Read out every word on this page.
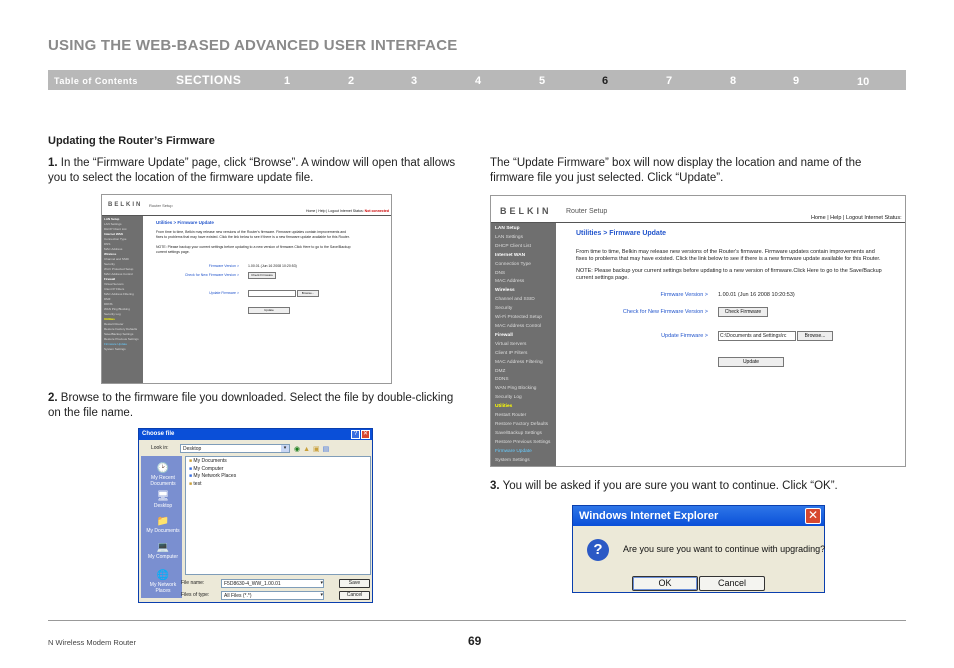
USING THE WEB-BASED ADVANCED USER INTERFACE
Table of Contents	SECTIONS	1	2	3	4	5	6	7	8	9	10
Updating the Router’s Firmware
1. In the “Firmware Update” page, click “Browse”. A window will open that allows you to select the location of the firmware update file.
2. Browse to the firmware file you downloaded. Select the file by double-clicking on the file name.
The “Update Firmware” box will now display the location and name of the firmware file you just selected. Click “Update”.
3. You will be asked if you are sure you want to continue. Click “OK”.
BELKIN Router Setup
Home | Help | Logout Internet Status: Not connected
LAN Setup
LAN Settings
DHCP Client List
Internet WAN
Connection Type
DNS
MAC Address
Wireless
Channel and SSID
Security
Wi-Fi Protected Setup
MAC Address Control
Firewall
Virtual Servers
Client IP Filters
MAC Address Filtering
DMZ
DDNS
WAN Ping Blocking
Security Log
Utilities
Restart Router
Restore Factory Defaults
Save/Backup Settings
Restore Previous Settings
Firmware Update
System Settings
Utilities > Firmware Update
From time to time, Belkin may release new versions of the Router's firmware. Firmware updates contain improvements and fixes to problems that may have existed. Click the link below to see if there is a new firmware update available for this Router.
NOTE: Please backup your current settings before updating to a new version of firmware.Click Here to go to the Save/Backup current settings page.
Firmware Version >	1.00.01 (Jun 16 2008 10:20:53)
Check for New Firmware Version >	Check Firmware
Update Firmware >	Browse...
Update
BELKIN Router Setup
Home | Help | Logout Internet Status:
LAN Setup
LAN Settings
DHCP Client List
Internet WAN
Connection Type
DNS
MAC Address
Wireless
Channel and SSID
Security
Wi-Fi Protected Setup
MAC Address Control
Firewall
Virtual Servers
Client IP Filters
MAC Address Filtering
DMZ
DDNS
WAN Ping Blocking
Security Log
Utilities
Restart Router
Restore Factory Defaults
Save/Backup Settings
Restore Previous Settings
Firmware Update
System Settings
Utilities > Firmware Update
From time to time, Belkin may release new versions of the Router's firmware. Firmware updates contain improvements and fixes to problems that may have existed. Click the link below to see if there is a new firmware update available for this Router.
NOTE: Please backup your current settings before updating to a new version of firmware.Click Here to go to the Save/Backup current settings page.
Firmware Version > 1.00.01 (Jun 16 2008 10:20:53)
Check for New Firmware Version >	Check Firmware
Update Firmware >	C:\Documents and Settings\rc	Browse...
Update
Choose file	? ✕
Look in:	Desktop	▾	◉▲▣▤
🕑
My Recent Documents
🖥
Desktop
📁
My Documents
💻
My Computer
🌐
My Network Places
■ My Documents
■ My Computer
■ My Network Places
■ test
File name:	F5D8630-4_WW_1.00.01	▾	Save
Files of type:	All Files (*.*)	▾	Cancel
Windows Internet Explorer	✕
?	Are you sure you want to continue with upgrading?
OK	Cancel
N Wireless Modem Router	69
